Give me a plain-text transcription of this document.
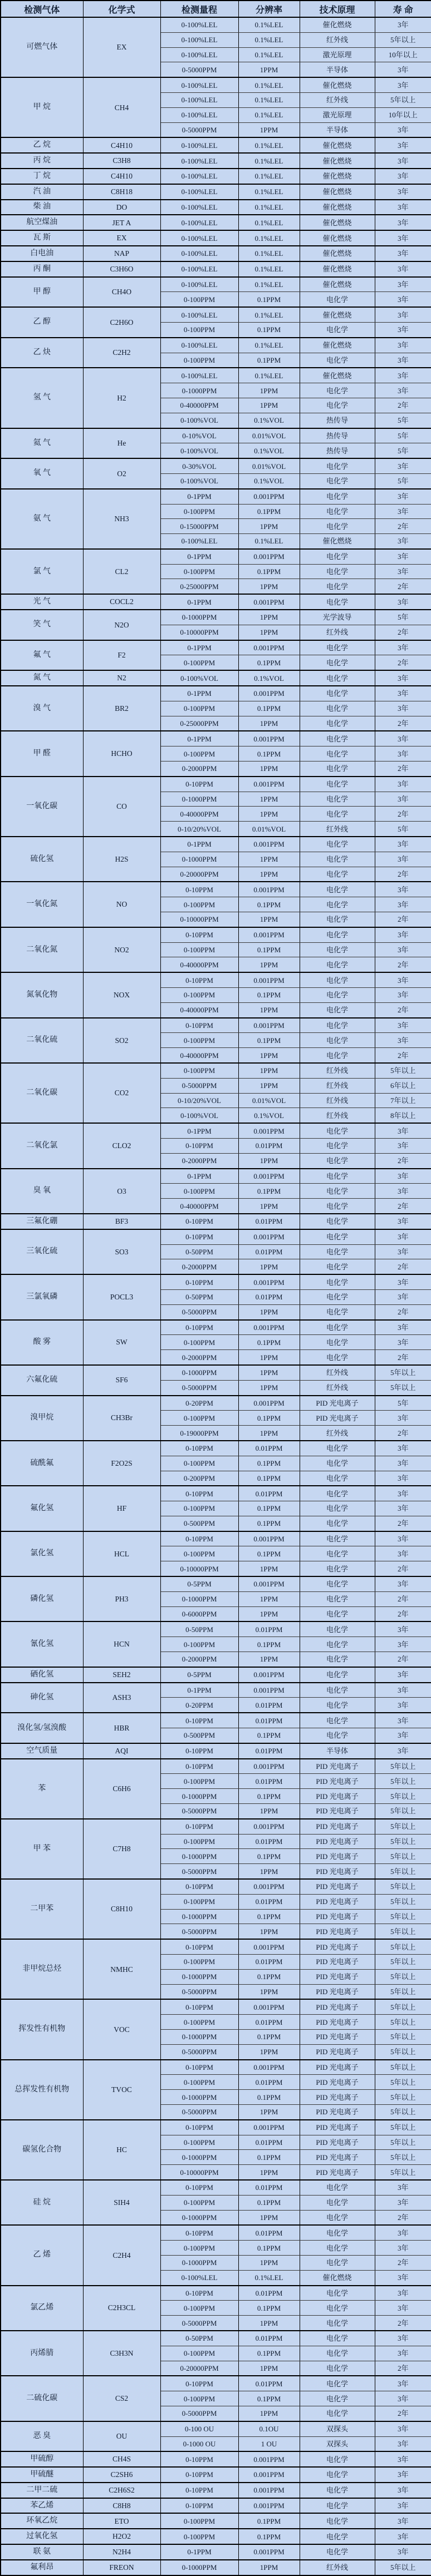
检测气体	化学式	检测量程	分辨率	技术原理	寿 命
可燃气体	EX	0-100%LEL	0.1%LEL	催化燃烧	3年
		0-100%LEL	0.1%LEL	红外线	5年以上
		0-100%LEL	0.1%LEL	激光原理	10年以上
		0-5000PPM	1PPM	半导体	3年
甲 烷	CH4	0-100%LEL	0.1%LEL	催化燃烧	3年
		0-100%LEL	0.1%LEL	红外线	5年以上
		0-100%LEL	0.1%LEL	激光原理	10年以上
		0-5000PPM	1PPM	半导体	3年
乙 烷	C4H10	0-100%LEL	0.1%LEL	催化燃烧	3年
丙 烷	C3H8	0-100%LEL	0.1%LEL	催化燃烧	3年
丁 烷	C4H10	0-100%LEL	0.1%LEL	催化燃烧	3年
汽 油	C8H18	0-100%LEL	0.1%LEL	催化燃烧	3年
柴 油	DO	0-100%LEL	0.1%LEL	催化燃烧	3年
航空煤油	JET A	0-100%LEL	0.1%LEL	催化燃烧	3年
瓦 斯	EX	0-100%LEL	0.1%LEL	催化燃烧	3年
白电油	NAP	0-100%LEL	0.1%LEL	催化燃烧	3年
丙 酮	C3H6O	0-100%LEL	0.1%LEL	催化燃烧	3年
甲 醇	CH4O	0-100%LEL	0.1%LEL	催化燃烧	3年
		0-100PPM	0.1PPM	电化学	3年
乙 醇	C2H6O	0-100%LEL	0.1%LEL	催化燃烧	3年
		0-100PPM	0.1PPM	电化学	3年
乙 炔	C2H2	0-100%LEL	0.1%LEL	催化燃烧	3年
		0-100PPM	0.1PPM	电化学	3年
氢 气	H2	0-100%LEL	0.1%LEL	催化燃烧	3年
		0-1000PPM	1PPM	电化学	3年
		0-40000PPM	1PPM	电化学	2年
		0-100%VOL	0.1%VOL	热传导	5年
氦 气	He	0-10%VOL	0.01%VOL	热传导	5年
		0-100%VOL	0.1%VOL	热传导	5年
氧 气	O2	0-30%VOL	0.01%VOL	电化学	3年
		0-100%VOL	0.1%VOL	电化学	5年
氨 气	NH3	0-1PPM	0.001PPM	电化学	3年
		0-100PPM	0.1PPM	电化学	3年
		0-15000PPM	1PPM	电化学	2年
		0-100%LEL	0.1%LEL	催化燃烧	3年
氯 气	CL2	0-1PPM	0.001PPM	电化学	3年
		0-100PPM	0.1PPM	电化学	3年
		0-25000PPM	1PPM	电化学	2年
光 气	COCL2	0-1PPM	0.001PPM	电化学	3年
笑 气	N2O	0-1000PPM	1PPM	光学波导	5年
		0-10000PPM	1PPM	红外线	2年
氟 气	F2	0-1PPM	0.001PPM	电化学	3年
		0-100PPM	0.1PPM	电化学	2年
氮 气	N2	0-100%VOL	0.1%VOL	电化学	3年
溴 气	BR2	0-1PPM	0.001PPM	电化学	3年
		0-100PPM	0.1PPM	电化学	3年
		0-25000PPM	1PPM	电化学	2年
甲 醛	HCHO	0-1PPM	0.001PPM	电化学	3年
		0-100PPM	0.1PPM	电化学	3年
		0-2000PPM	1PPM	电化学	2年
一氧化碳	CO	0-10PPM	0.001PPM	电化学	3年
		0-1000PPM	1PPM	电化学	3年
		0-40000PPM	1PPM	电化学	2年
		0-10/20%VOL	0.01%VOL	红外线	5年
硫化氢	H2S	0-1PPM	0.001PPM	电化学	3年
		0-1000PPM	1PPM	电化学	3年
		0-20000PPM	1PPM	电化学	2年
一氧化氮	NO	0-10PPM	0.001PPM	电化学	3年
		0-100PPM	0.1PPM	电化学	3年
		0-10000PPM	1PPM	电化学	2年
二氧化氮	NO2	0-10PPM	0.001PPM	电化学	3年
		0-100PPM	0.1PPM	电化学	3年
		0-40000PPM	1PPM	电化学	2年
氮氧化物	NOX	0-10PPM	0.001PPM	电化学	3年
		0-100PPM	0.1PPM	电化学	3年
		0-40000PPM	1PPM	电化学	2年
二氧化硫	SO2	0-10PPM	0.001PPM	电化学	3年
		0-100PPM	0.1PPM	电化学	3年
		0-40000PPM	1PPM	电化学	2年
二氧化碳	CO2	0-100PPM	1PPM	红外线	5年以上
		0-5000PPM	1PPM	红外线	6年以上
		0-10/20%VOL	0.01%VOL	红外线	7年以上
		0-100%VOL	0.1%VOL	红外线	8年以上
二氧化氯	CLO2	0-1PPM	0.001PPM	电化学	3年
		0-10PPM	0.01PPM	电化学	3年
		0-2000PPM	1PPM	电化学	2年
臭 氧	O3	0-1PPM	0.001PPM	电化学	3年
		0-100PPM	0.1PPM	电化学	3年
		0-40000PPM	1PPM	电化学	2年
三氟化硼	BF3	0-10PPM	0.01PPM	电化学	3年
三氧化硫	SO3	0-10PPM	0.001PPM	电化学	3年
		0-50PPM	0.01PPM	电化学	3年
		0-2000PPM	1PPM	电化学	2年
三氯氧磷	POCL3	0-10PPM	0.001PPM	电化学	3年
		0-50PPM	0.01PPM	电化学	3年
		0-5000PPM	1PPM	电化学	2年
酸 雾	SW	0-10PPM	0.001PPM	电化学	3年
		0-100PPM	0.1PPM	电化学	3年
		0-2000PPM	1PPM	电化学	2年
六氟化硫	SF6	0-1000PPM	1PPM	红外线	5年以上
		0-5000PPM	1PPM	红外线	5年以上
溴甲烷	CH3Br	0-20PPM	0.001PPM	PID 光电离子	5年
		0-100PPM	0.1PPM	PID 光电离子	3年
		0-19000PPM	1PPM	红外线	2年
硫酰氟	F2O2S	0-10PPM	0.01PPM	电化学	3年
		0-100PPM	0.1PPM	电化学	3年
		0-200PPM	0.1PPM	电化学	3年
氟化氢	HF	0-10PPM	0.01PPM	电化学	3年
		0-100PPM	0.1PPM	电化学	3年
		0-500PPM	0.1PPM	电化学	2年
氯化氢	HCL	0-10PPM	0.001PPM	电化学	3年
		0-100PPM	0.1PPM	电化学	3年
		0-10000PPM	1PPM	电化学	2年
磷化氢	PH3	0-5PPM	0.001PPM	电化学	3年
		0-1000PPM	1PPM	电化学	2年
		0-6000PPM	1PPM	电化学	2年
氰化氢	HCN	0-50PPM	0.01PPM	电化学	3年
		0-100PPM	0.1PPM	电化学	3年
		0-2000PPM	1PPM	电化学	2年
硒化氢	SEH2	0-5PPM	0.001PPM	电化学	3年
砷化氢	ASH3	0-1PPM	0.001PPM	电化学	3年
		0-20PPM	0.01PPM	电化学	3年
溴化氢/氢溴酸	HBR	0-10PPM	0.01PPM	电化学	3年
		0-500PPM	0.1PPM	电化学	3年
空气质量	AQI	0-10PPM	0.01PPM	半导体	3年
苯	C6H6	0-10PPM	0.001PPM	PID 光电离子	5年以上
		0-100PPM	0.01PPM	PID 光电离子	5年以上
		0-1000PPM	0.1PPM	PID 光电离子	5年以上
		0-5000PPM	1PPM	PID 光电离子	5年以上
甲 苯	C7H8	0-10PPM	0.001PPM	PID 光电离子	5年以上
		0-100PPM	0.01PPM	PID 光电离子	5年以上
		0-1000PPM	0.1PPM	PID 光电离子	5年以上
		0-5000PPM	1PPM	PID 光电离子	5年以上
二甲苯	C8H10	0-10PPM	0.001PPM	PID 光电离子	5年以上
		0-100PPM	0.01PPM	PID 光电离子	5年以上
		0-1000PPM	0.1PPM	PID 光电离子	5年以上
		0-5000PPM	1PPM	PID 光电离子	5年以上
非甲烷总烃	NMHC	0-10PPM	0.001PPM	PID 光电离子	5年以上
		0-100PPM	0.01PPM	PID 光电离子	5年以上
		0-1000PPM	0.1PPM	PID 光电离子	5年以上
		0-5000PPM	1PPM	PID 光电离子	5年以上
挥发性有机物	VOC	0-10PPM	0.001PPM	PID 光电离子	5年以上
		0-100PPM	0.01PPM	PID 光电离子	5年以上
		0-1000PPM	0.1PPM	PID 光电离子	5年以上
		0-5000PPM	1PPM	PID 光电离子	5年以上
总挥发性有机物	TVOC	0-10PPM	0.001PPM	PID 光电离子	5年以上
		0-100PPM	0.01PPM	PID 光电离子	5年以上
		0-1000PPM	0.1PPM	PID 光电离子	5年以上
		0-5000PPM	1PPM	PID 光电离子	5年以上
碳氢化合物	HC	0-10PPM	0.001PPM	PID 光电离子	5年以上
		0-100PPM	0.01PPM	PID 光电离子	5年以上
		0-1000PPM	0.1PPM	PID 光电离子	5年以上
		0-10000PPM	1PPM	PID 光电离子	5年以上
硅 烷	SIH4	0-10PPM	0.01PPM	电化学	3年
		0-100PPM	0.1PPM	电化学	3年
		0-1000PPM	1PPM	电化学	2年
乙 烯	C2H4	0-10PPM	0.01PPM	电化学	3年
		0-100PPM	0.1PPM	电化学	3年
		0-1000PPM	1PPM	电化学	2年
		0-100%LEL	0.1%LEL	催化燃烧	3年
氯乙烯	C2H3CL	0-10PPM	0.01PPM	电化学	3年
		0-100PPM	0.1PPM	电化学	3年
		0-5000PPM	1PPM	电化学	2年
丙烯腈	C3H3N	0-50PPM	0.01PPM	电化学	3年
		0-100PPM	0.1PPM	电化学	3年
		0-20000PPM	1PPM	电化学	2年
二硫化碳	CS2	0-10PPM	0.01PPM	电化学	3年
		0-100PPM	0.1PPM	电化学	3年
		0-5000PPM	1PPM	电化学	2年
恶 臭	OU	0-100 OU	0.1OU	双探头	3年
		0-1000 OU	1 OU	双探头	3年
甲硫醇	CH4S	0-10PPM	0.001PPM	电化学	3年
甲硫醚	C2SH6	0-10PPM	0.001PPM	电化学	3年
二甲二硫	C2H6S2	0-10PPM	0.001PPM	电化学	3年
苯乙烯	C8H8	0-10PPM	0.001PPM	电化学	3年
环氧乙烷	ETO	0-100PPM	0.1PPM	电化学	3年
过氧化氢	H2O2	0-100PPM	0.1PPM	电化学	3年
联 氨	N2H4	0-1PPM	0.001PPM	电化学	3年
氟利昂	FREON	0-1000PPM	1PPM	红外线	5年以上
